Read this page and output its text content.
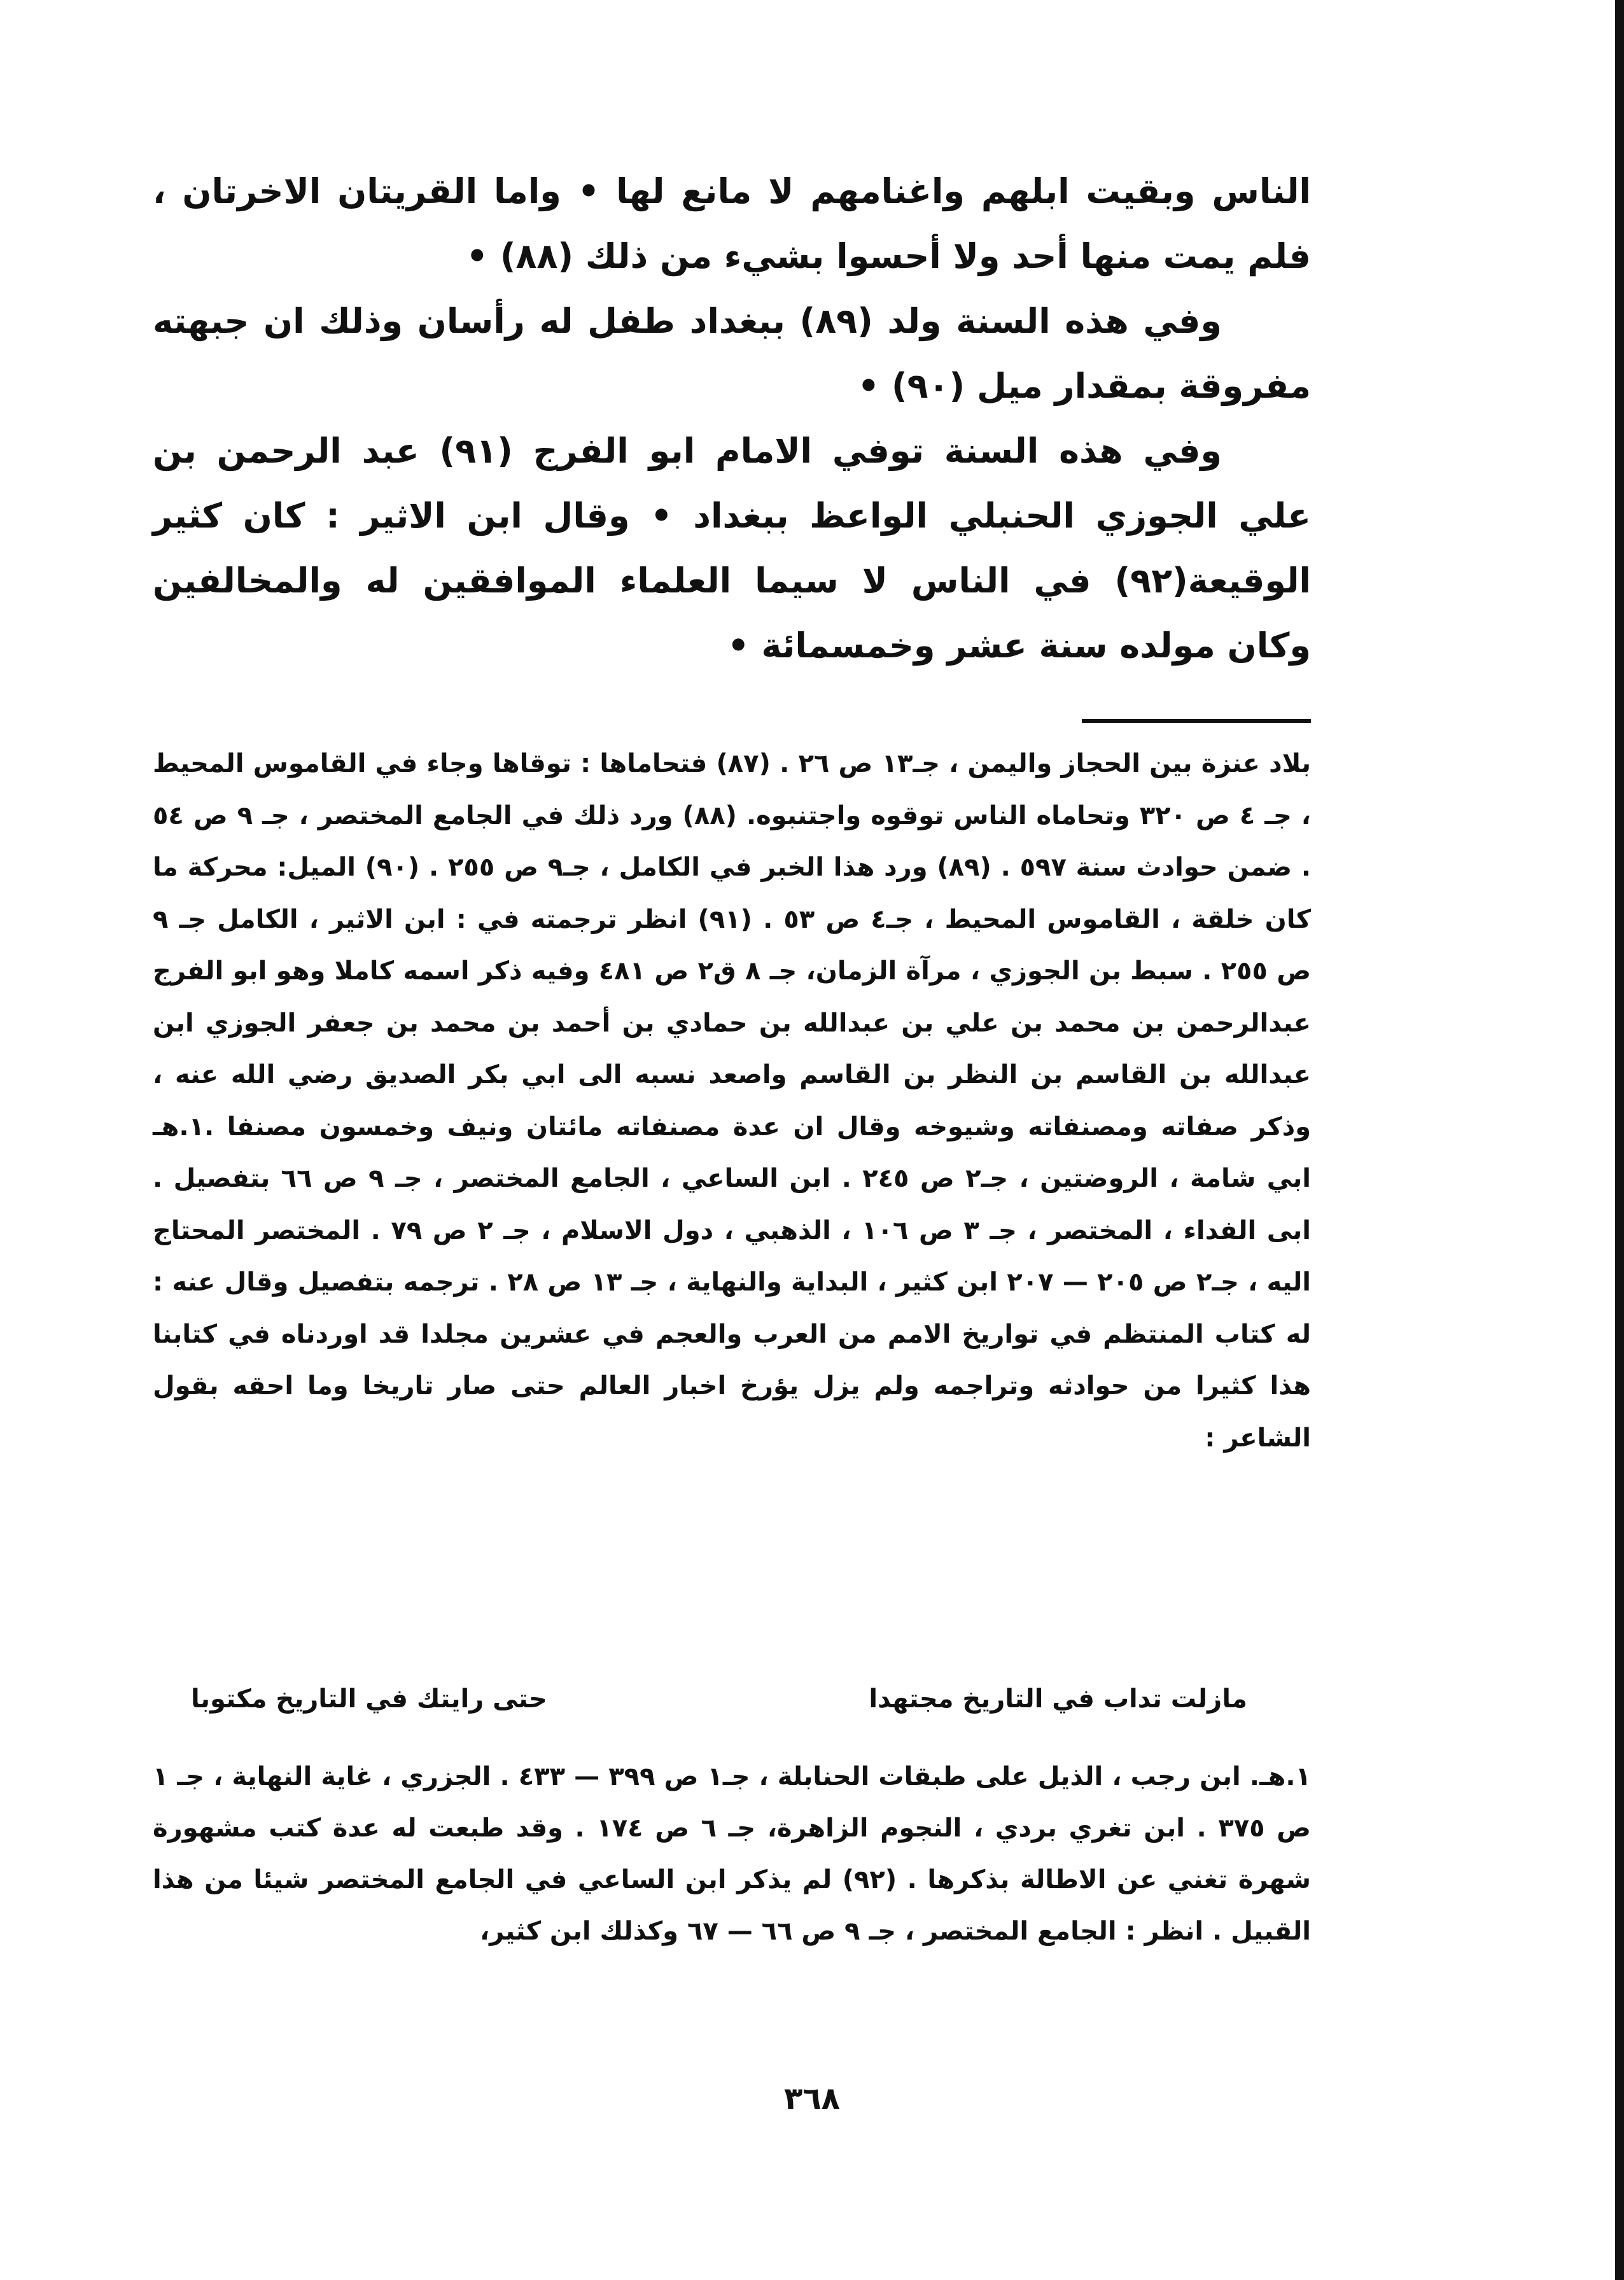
الناس وبقيت ابلهم واغنامهم لا مانع لها • واما القريتان الاخرتان ، فلم يمت منها أحد ولا أحسوا بشيء من ذلك (٨٨) •

وفي هذه السنة ولد (٨٩) ببغداد طفل له رأسان وذلك ان جبهته مفروقة بمقدار ميل (٩٠) •

وفي هذه السنة توفي الامام ابو الفرج (٩١) عبد الرحمن بن علي الجوزي الحنبلي الواعظ ببغداد • وقال ابن الاثير : كان كثير الوقيعة(٩٢) في الناس لا سيما العلماء الموافقين له والمخالفين وكان مولده سنة عشر وخمسمائة •

بلاد عنزة بين الحجاز واليمن ، جـ١٣ ص ٢٦ . (٨٧) فتحاماها : توقاها وجاء في القاموس المحيط ، جـ ٤ ص ٣٢٠ وتحاماه الناس توقوه واجتنبوه. (٨٨) ورد ذلك في الجامع المختصر ، جـ ٩ ص ٥٤ . ضمن حوادث سنة ٥٩٧ . (٨٩) ورد هذا الخبر في الكامل ، جـ٩ ص ٢٥٥ . (٩٠) الميل: محركة ما كان خلقة ، القاموس المحيط ، جـ٤ ص ٥٣ . (٩١) انظر ترجمته في : ابن الاثير ، الكامل جـ ٩ ص ٢٥٥ . سبط بن الجوزي ، مرآة الزمان، جـ ٨ ق٢ ص ٤٨١ وفيه ذكر اسمه كاملا وهو ابو الفرج عبدالرحمن بن محمد بن علي بن عبدالله بن حمادي بن أحمد بن محمد بن جعفر الجوزي ابن عبدالله بن القاسم بن النظر بن القاسم واصعد نسبه الى ابي بكر الصديق رضي الله عنه ، وذكر صفاته ومصنفاته وشيوخه وقال ان عدة مصنفاته مائتان ونيف وخمسون مصنفا .١.هـ ابي شامة ، الروضتين ، جـ٢ ص ٢٤٥ . ابن الساعي ، الجامع المختصر ، جـ ٩ ص ٦٦ بتفصيل . ابى الفداء ، المختصر ، جـ ٣ ص ١٠٦ ، الذهبي ، دول الاسلام ، جـ ٢ ص ٧٩ . المختصر المحتاج اليه ، جـ٢ ص ٢٠٥ — ٢٠٧ ابن كثير ، البداية والنهاية ، جـ ١٣ ص ٢٨ . ترجمه بتفصيل وقال عنه : له كتاب المنتظم في تواريخ الامم من العرب والعجم في عشرين مجلدا قد اوردناه في كتابنا هذا كثيرا من حوادثه وتراجمه ولم يزل يؤرخ اخبار العالم حتى صار تاريخا وما احقه بقول الشاعر :

مازلت تداب في التاريخ مجتهدا
حتى رايتك في التاريخ مكتوبا

١.هـ. ابن رجب ، الذيل على طبقات الحنابلة ، جـ١ ص ٣٩٩ — ٤٣٣ . الجزري ، غاية النهاية ، جـ ١ ص ٣٧٥ . ابن تغري بردي ، النجوم الزاهرة، جـ ٦ ص ١٧٤ . وقد طبعت له عدة كتب مشهورة شهرة تغني عن الاطالة بذكرها . (٩٢) لم يذكر ابن الساعي في الجامع المختصر شيئا من هذا القبيل . انظر : الجامع المختصر ، جـ ٩ ص ٦٦ — ٦٧ وكذلك ابن كثير،

٣٦٨
